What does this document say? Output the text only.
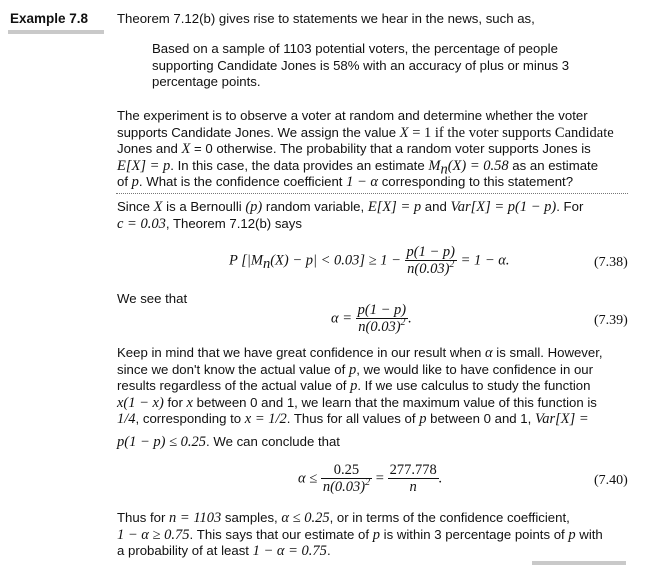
Example 7.8 Theorem 7.12(b) gives rise to statements we hear in the news, such as,
Based on a sample of 1103 potential voters, the percentage of people
supporting Candidate Jones is 58% with an accuracy of plus or minus 3
percentage points.
The experiment is to observe a voter at random and determine whether the voter
supports Candidate Jones. We assign the value X = 1 if the voter supports Candidate
Jones and X = 0 otherwise. The probability that a random voter supports Jones is
E[X] = p. In this case, the data provides an estimate $M_n(X) = 0.58$ as an estimate
of p. What is the confidence coefficient 1 − α corresponding to this statement?
Since X is a Bernoulli (p) random variable, E[X] = p and Var[X] = p(1 − p). For
c = 0.03, Theorem 7.12(b) says
P $[|M_n(X) - p| < 0.03] \ge 1 - \frac{p(1 - p)}{n(0.03)^2} = 1 - \alpha$.	(7.38)
We see that
$\alpha = \frac{p(1 - p)}{n(0.03)^2}$ .	(7.39)
Keep in mind that we have great confidence in our result when α is small. However,
since we don't know the actual value of p, we would like to have confidence in our
results regardless of the actual value of p. If we use calculus to study the function
x(1 − x) for x between 0 and 1, we learn that the maximum value of this function is
1/4, corresponding to x = 1/2. Thus for all values of p between 0 and 1, Var[X] =
p(1 − p) ≤ 0.25. We can conclude that
$\alpha \le \frac{0.25}{n(0.03)^2} = \frac{277.778}{n}$ .	(7.40)
Thus for n = 1103 samples, α ≤ 0.25, or in terms of the confidence coefficient,
1 − α ≥ 0.75. This says that our estimate of p is within 3 percentage points of p with
a probability of at least 1 − α = 0.75.
